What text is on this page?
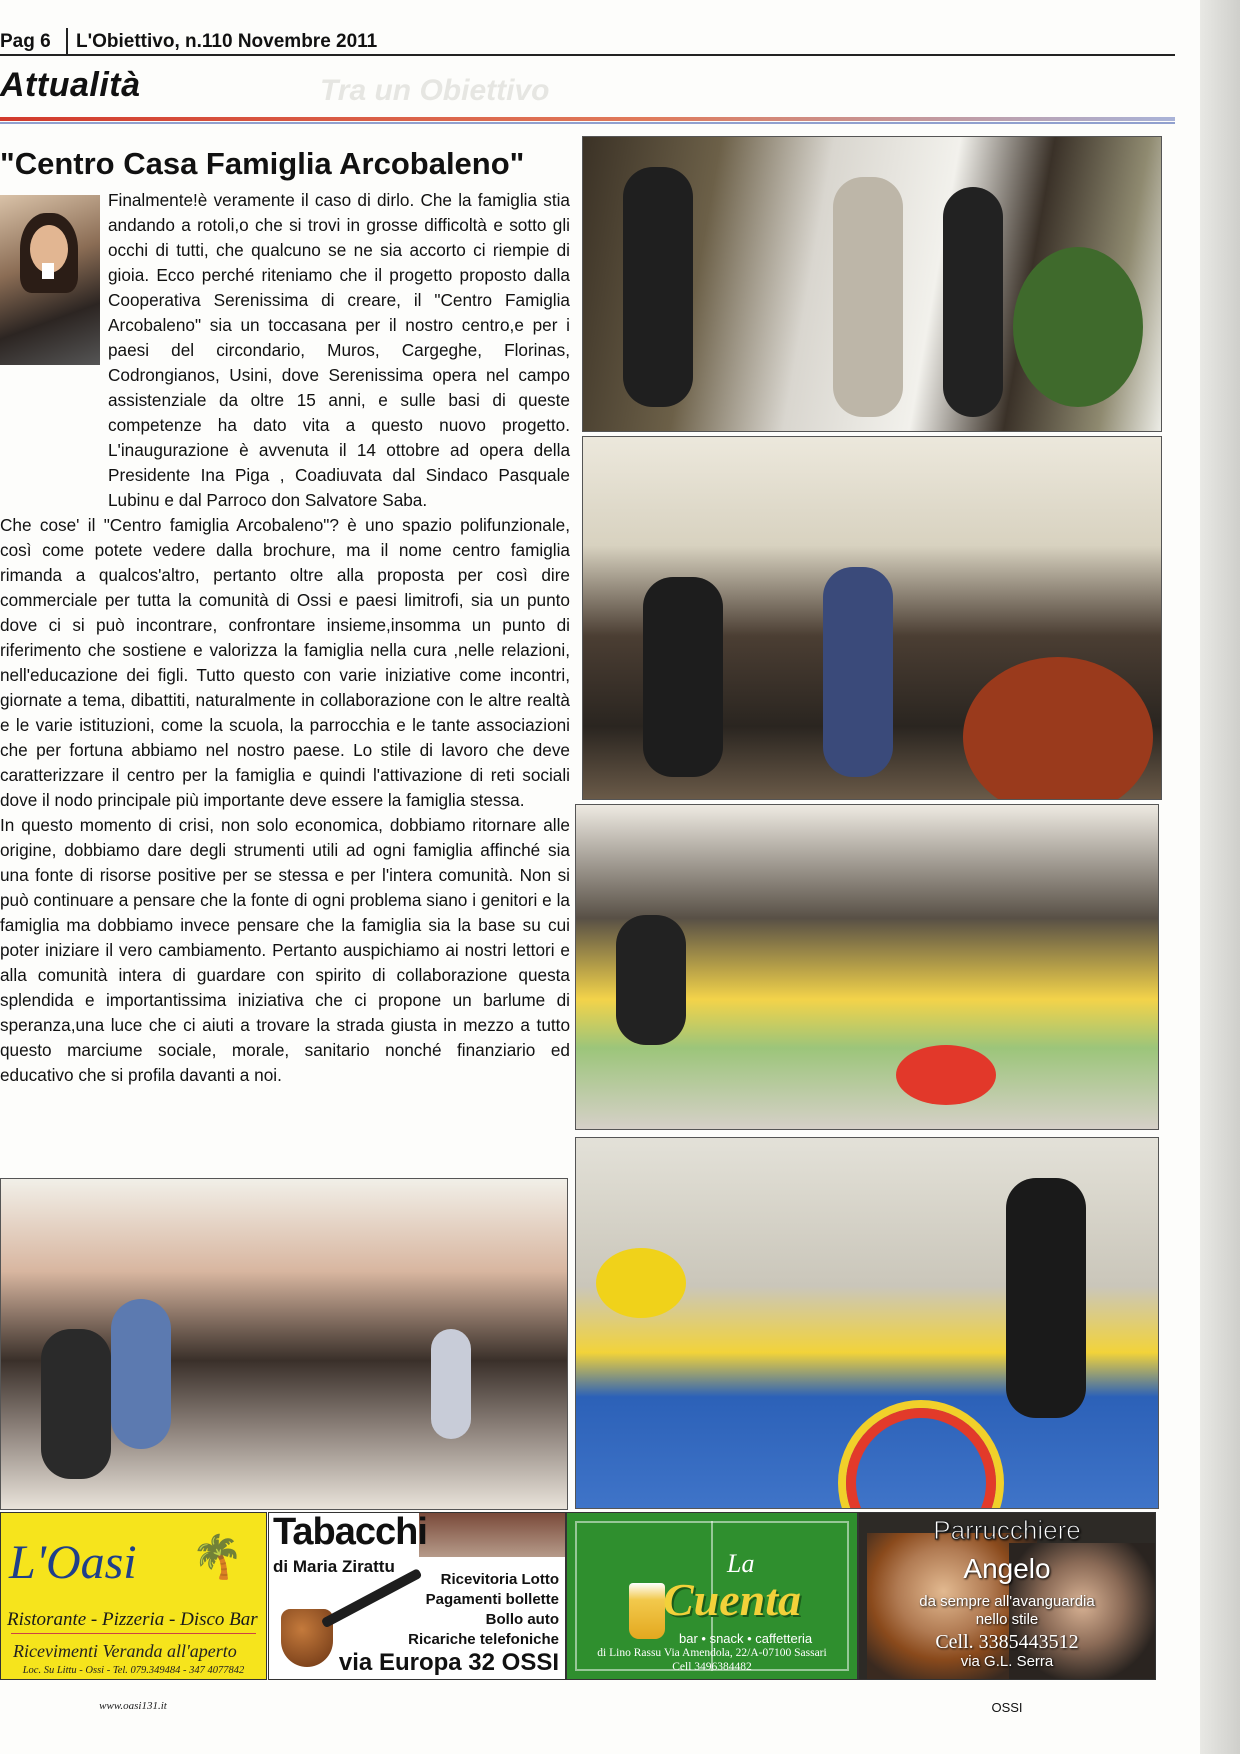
Pag 6 L'Obiettivo, n.110 Novembre 2011
Tra un Obiettivo
Attualità
"Centro Casa Famiglia Arcobaleno"

Finalmente!è veramente il caso di dirlo. Che la famiglia stia andando a rotoli,o che si trovi in grosse difficoltà e sotto gli occhi di tutti, che qualcuno se ne sia accorto ci riempie di gioia. Ecco perché riteniamo che il progetto proposto dalla Cooperativa Serenissima di creare, il "Centro Famiglia Arcobaleno" sia un toccasana per il nostro centro,e per i paesi del circondario, Muros, Cargeghe, Florinas, Codrongianos, Usini, dove Serenissima opera nel campo assistenziale da oltre 15 anni, e sulle basi di queste competenze ha dato vita a questo nuovo progetto. L'inaugurazione è avvenuta il 14 ottobre ad opera della Presidente Ina Piga , Coadiuvata dal Sindaco Pasquale Lubinu e dal Parroco don Salvatore Saba.

Che cose' il "Centro famiglia Arcobaleno"? è uno spazio polifunzionale, così come potete vedere dalla brochure, ma il nome centro famiglia rimanda a qualcos'altro, pertanto oltre alla proposta per così dire commerciale per tutta la comunità di Ossi e paesi limitrofi, sia un punto dove ci si può incontrare, confrontare insieme,insomma un punto di riferimento che sostiene e valorizza la famiglia nella cura ,nelle relazioni, nell'educazione dei figli. Tutto questo con varie iniziative come incontri, giornate a tema, dibattiti, naturalmente in collaborazione con le altre realtà e le varie istituzioni, come la scuola, la parrocchia e le tante associazioni che per fortuna abbiamo nel nostro paese. Lo stile di lavoro che deve caratterizzare il centro per la famiglia e quindi l'attivazione di reti sociali dove il nodo principale più importante deve essere la famiglia stessa.

In questo momento di crisi, non solo economica, dobbiamo ritornare alle origine, dobbiamo dare degli strumenti utili ad ogni famiglia affinché sia una fonte di risorse positive per se stessa e per l'intera comunità. Non si può continuare a pensare che la fonte di ogni problema siano i genitori e la famiglia ma dobbiamo invece pensare che la famiglia sia la base su cui poter iniziare il vero cambiamento. Pertanto auspichiamo ai nostri lettori e alla comunità intera di guardare con spirito di collaborazione questa splendida e importantissima iniziativa che ci propone un barlume di speranza,una luce che ci aiuti a trovare la strada giusta in mezzo a tutto questo marciume sociale, morale, sanitario nonché finanziario ed educativo che si profila davanti a noi.

L'Oasi 🌴
Ristorante - Pizzeria - Disco Bar
Ricevimenti Veranda all'aperto
Loc. Su Littu - Ossi - Tel. 079.349484 - 347 4077842
Tabacchi
di Maria Zirattu
Ricevitoria Lotto
Pagamenti bollette
Bollo auto
Ricariche telefoniche
via Europa 32 OSSI
La
Cuenta
bar • snack • caffetteria
di Lino Rassu Via Amendola, 22/A-07100 Sassari
Cell 3496384482
Parrucchiere
Angelo
da sempre all'avanguardia
nello stile
Cell. 3385443512
via G.L. Serra
www.oasi131.it	OSSI
